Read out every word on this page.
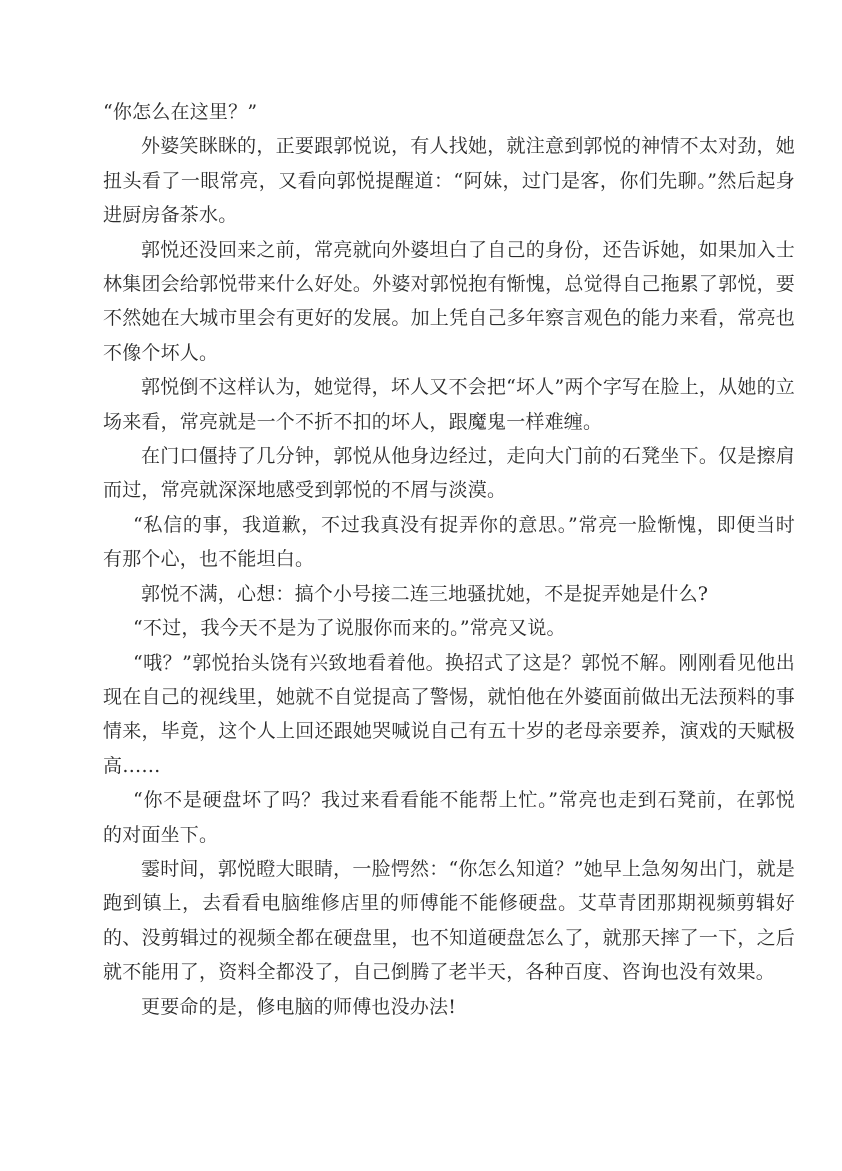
“你怎么在这里？”

外婆笑眯眯的，正要跟郭悦说，有人找她，就注意到郭悦的神情不太对劲，她扭头看了一眼常亮，又看向郭悦提醒道：“阿妹，过门是客，你们先聊。”然后起身进厨房备茶水。

郭悦还没回来之前，常亮就向外婆坦白了自己的身份，还告诉她，如果加入士林集团会给郭悦带来什么好处。外婆对郭悦抱有惭愧，总觉得自己拖累了郭悦，要不然她在大城市里会有更好的发展。加上凭自己多年察言观色的能力来看，常亮也不像个坏人。

郭悦倒不这样认为，她觉得，坏人又不会把“坏人”两个字写在脸上，从她的立场来看，常亮就是一个不折不扣的坏人，跟魔鬼一样难缠。

在门口僵持了几分钟，郭悦从他身边经过，走向大门前的石凳坐下。仅是擦肩而过，常亮就深深地感受到郭悦的不屑与淡漠。

“私信的事，我道歉，不过我真没有捉弄你的意思。”常亮一脸惭愧，即便当时有那个心，也不能坦白。

郭悦不满，心想：搞个小号接二连三地骚扰她，不是捉弄她是什么?

“不过，我今天不是为了说服你而来的。”常亮又说。

“哦？”郭悦抬头饶有兴致地看着他。换招式了这是？郭悦不解。刚刚看见他出现在自己的视线里，她就不自觉提高了警惕，就怕他在外婆面前做出无法预料的事情来，毕竟，这个人上回还跟她哭喊说自己有五十岁的老母亲要养，演戏的天赋极高……

“你不是硬盘坏了吗？我过来看看能不能帮上忙。”常亮也走到石凳前，在郭悦的对面坐下。

霎时间，郭悦瞪大眼睛，一脸愕然：“你怎么知道？”她早上急匆匆出门，就是跑到镇上，去看看电脑维修店里的师傅能不能修硬盘。艾草青团那期视频剪辑好的、没剪辑过的视频全都在硬盘里，也不知道硬盘怎么了，就那天摔了一下，之后就不能用了，资料全都没了，自己倒腾了老半天，各种百度、咨询也没有效果。

更要命的是，修电脑的师傅也没办法!
